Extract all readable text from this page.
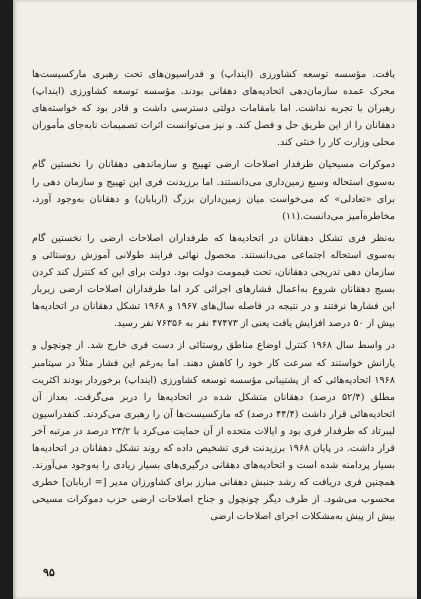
یافت. مؤسسه توسعه کشاورزی (اینداپ) و فدراسیون‌های تحت رهبری مارکسیست‌ها محرک عمده سازمان‌دهی اتحادیه‌های دهقانی بودند. مؤسسه توسعه کشاورزی (اینداپ) رهبران با تجربه نداشت. اما بامقامات دولتی دسترسی داشت و قادر بود که خواسته‌های دهقانان را از این طریق حل و فصل کند. و نیز می‌توانست اثرات تصمیمات نابه‌جای مأموران محلی وزارت کار را خنثی کند.

دموکرات مسیحیان طرفدار اصلاحات ارضی تهییج و سازماندهی دهقانان را نخستین گام به‌سوی استحاله وسیع زمین‌داری می‌دانستند. اما برزیدنت فری این تهییج و سازمان دهی را برای «تعادلی» که می‌خواست میان زمین‌داران بزرگ (اربابان) و دهقانان به‌وجود آورد، مخاطره‌آمیز می‌دانست.(۱۱)

به‌نظر فری تشکل دهقانان در اتحادیه‌ها که طرفداران اصلاحات ارضی را نخستین گام به‌سوی استحاله اجتماعی می‌دانستند. محصول نهائی فرایند طولانی آموزش روستائی و سازمان دهی تدریجی دهقانان، تحت قیمومت دولت بود. دولت برای این که کنترل کند کردن بسیج دهقانان شروع به‌اعمال فشارهای اجرائی کرد اما طرفداران اصلاحات ارضی زیربار این فشارها نرفتند و در نتیجه در فاصله سال‌های ۱۹۶۷ و ۱۹۶۸ تشکل دهقانان در اتحادیه‌ها بیش از ۵۰ درصد افزایش یافت یعنی از ۴۷۴۷۳ نفر به ۷۶۳۵۶ نفر رسید.

در واسط سال ۱۹۶۸ کنترل اوضاع مناطق روستائی از دست فری خارج شد. از چونچول و یارانش خواستند که سرعت کار خود را کاهش دهند. اما به‌رغم این فشار مثلاً در سپتامبر ۱۹۶۸ اتحادیه‌هائی که از پشتیبانی مؤسسه توسعه کشاورزی (اینداپ) برخوردار بودند اکثریت مطلق (۵۲/۴ درصد) دهقانان متشکل شده در اتحادیه‌ها را دربر می‌گرفت. بعداز آن اتحادیه‌هائی قرار داشت (۴۴/۴ درصد) که مارکسیست‌ها آن را رهبری می‌کردند. کنفدراسیون لیبرتاد که طرفدار فری بود و ایالات متحده از آن حمایت می‌کرد با ۲۳/۲ درصد در مرتبه آخر قرار داشت. در پایان ۱۹۶۸ برزیدنت فری تشخیص داده که روند تشکل دهقانان در اتحادیه‌ها بسیار پردامنه شده است و اتحادیه‌های دهقانی درگیری‌های بسیار زیادی را به‌وجود می‌آورند. همچنین فری دریافت که رشد جنبش دهقانی مبارز برای کشاورزان مدیر [= اربابان] خطری محسوب می‌شود. از طرف دیگر چونچول و جناح اصلاحات ارضی حزب دموکرات مسیحی بیش از پیش به‌مشکلات اجرای اصلاحات ارضی

۹۵
